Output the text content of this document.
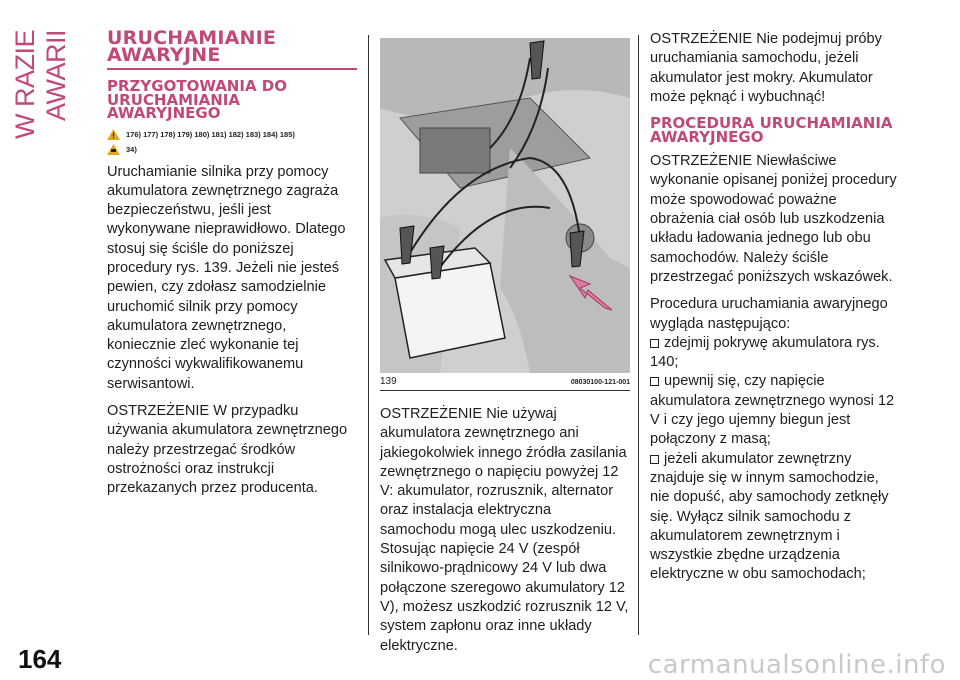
W RAZIE AWARII	URUCHAMIANIE AWARYJNE
PRZYGOTOWANIA DO URUCHAMIANIA AWARYJNEGO
176) 177) 178) 179) 180) 181) 182) 183) 184) 185)
34)

Uruchamianie silnika przy pomocy akumulatora zewnętrznego zagraża bezpieczeństwu, jeśli jest wykonywane nieprawidłowo. Dlatego stosuj się ściśle do poniższej procedury rys. 139. Jeżeli nie jesteś pewien, czy zdołasz samodzielnie uruchomić silnik przy pomocy akumulatora zewnętrznego, koniecznie zleć wykonanie tej czynności wykwalifikowanemu serwisantowi.

OSTRZEŻENIE W przypadku używania akumulatora zewnętrznego należy przestrzegać środków ostrożności oraz instrukcji przekazanych przez producenta.

139	08030100-121-001

OSTRZEŻENIE Nie używaj akumulatora zewnętrznego ani jakiegokolwiek innego źródła zasilania zewnętrznego o napięciu powyżej 12 V: akumulator, rozrusznik, alternator oraz instalacja elektryczna samochodu mogą ulec uszkodzeniu. Stosując napięcie 24 V (zespół silnikowo-prądnicowy 24 V lub dwa połączone szeregowo akumulatory 12 V), możesz uszkodzić rozrusznik 12 V, system zapłonu oraz inne układy elektryczne.

OSTRZEŻENIE Nie podejmuj próby uruchamiania samochodu, jeżeli akumulator jest mokry. Akumulator może pęknąć i wybuchnąć!

PROCEDURA URUCHAMIANIA AWARYJNEGO

OSTRZEŻENIE Niewłaściwe wykonanie opisanej poniżej procedury może spowodować poważne obrażenia ciał osób lub uszkodzenia układu ładowania jednego lub obu samochodów. Należy ściśle przestrzegać poniższych wskazówek.

Procedura uruchamiania awaryjnego wygląda następująco:

zdejmij pokrywę akumulatora rys. 140;

upewnij się, czy napięcie akumulatora zewnętrznego wynosi 12 V i czy jego ujemny biegun jest połączony z masą;

jeżeli akumulator zewnętrzny znajduje się w innym samochodzie, nie dopuść, aby samochody zetknęły się. Wyłącz silnik samochodu z akumulatorem zewnętrznym i wszystkie zbędne urządzenia elektryczne w obu samochodach;

164	carmanualsonline.info
